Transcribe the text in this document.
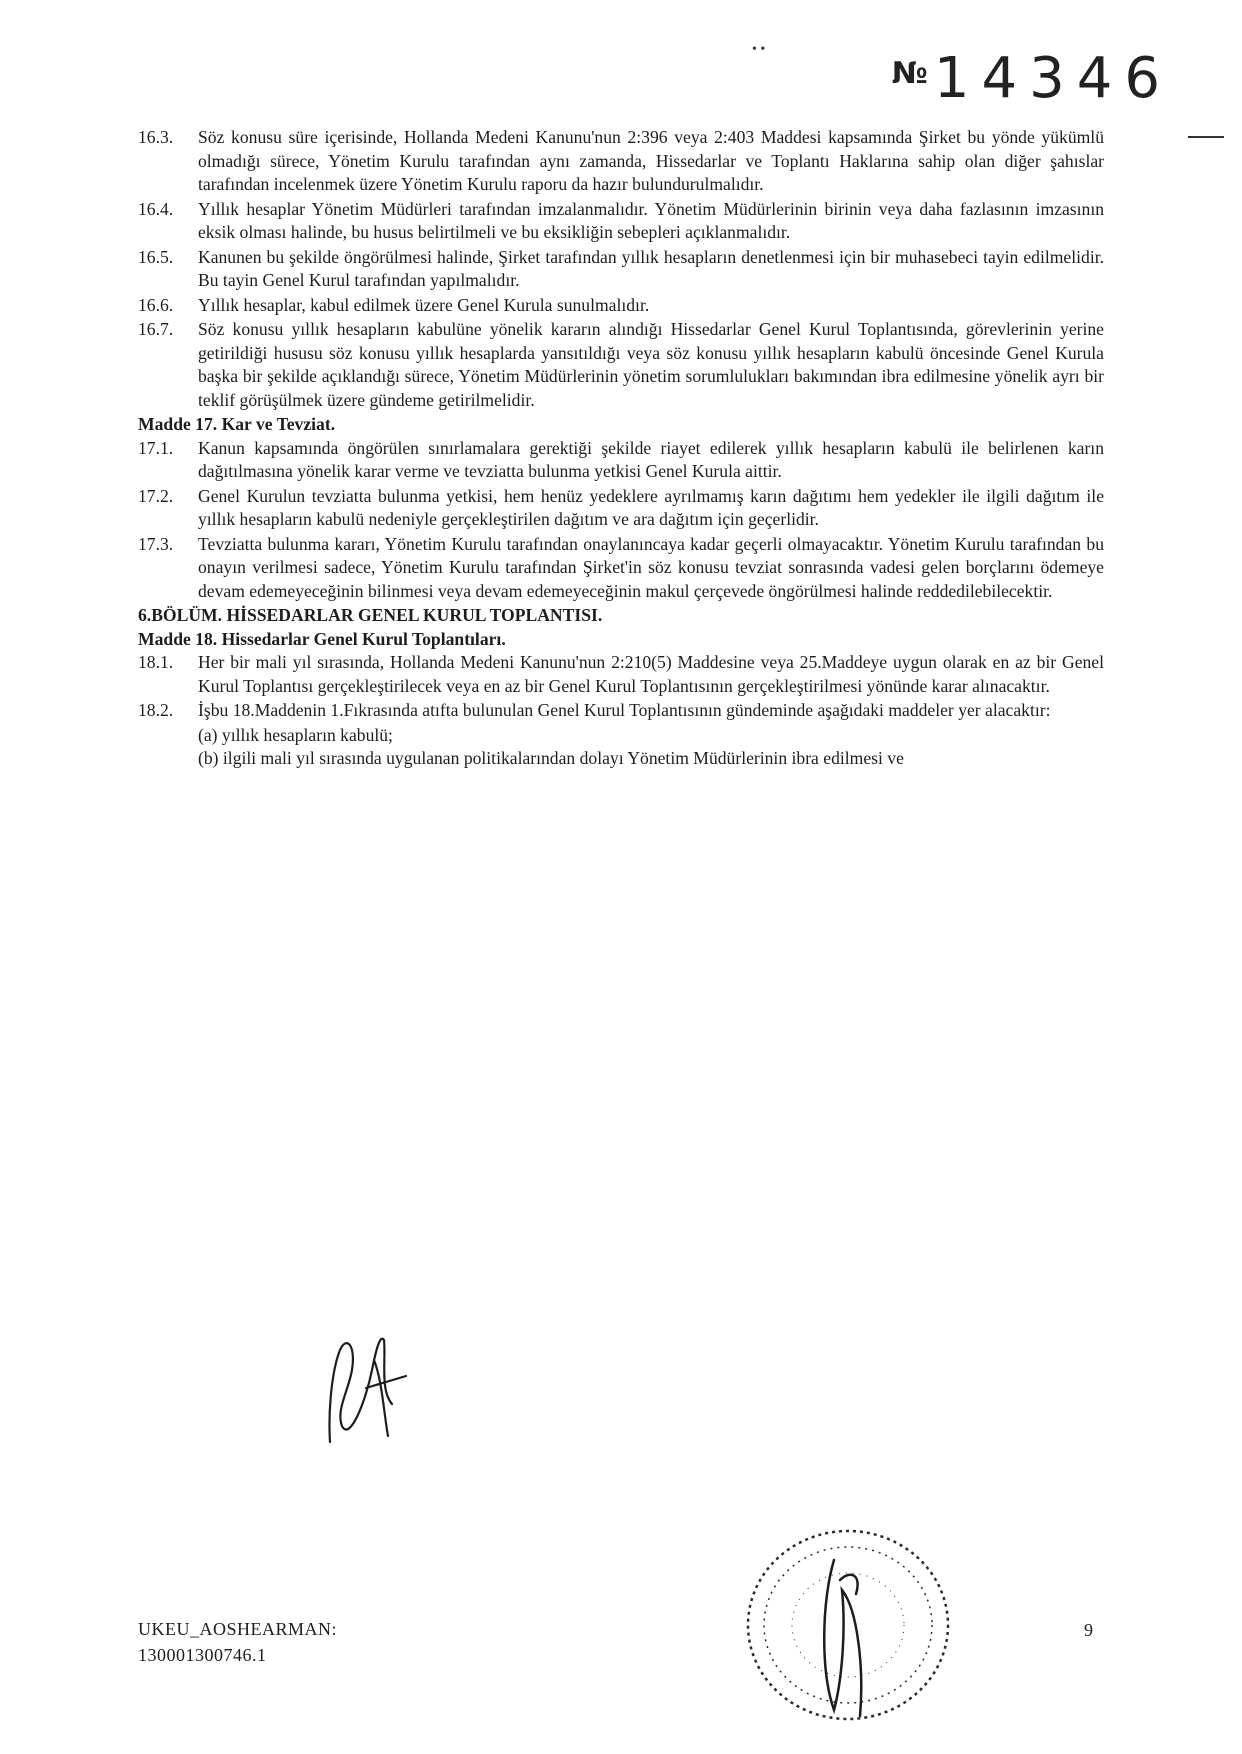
• •
№ 14346
16.3.	Söz konusu süre içerisinde, Hollanda Medeni Kanunu'nun 2:396 veya 2:403 Maddesi kapsamında Şirket bu yönde yükümlü olmadığı sürece, Yönetim Kurulu tarafından aynı zamanda, Hissedarlar ve Toplantı Haklarına sahip olan diğer şahıslar tarafından incelenmek üzere Yönetim Kurulu raporu da hazır bulundurulmalıdır.
16.4.	Yıllık hesaplar Yönetim Müdürleri tarafından imzalanmalıdır. Yönetim Müdürlerinin birinin veya daha fazlasının imzasının eksik olması halinde, bu husus belirtilmeli ve bu eksikliğin sebepleri açıklanmalıdır.
16.5.	Kanunen bu şekilde öngörülmesi halinde, Şirket tarafından yıllık hesapların denetlenmesi için bir muhasebeci tayin edilmelidir. Bu tayin Genel Kurul tarafından yapılmalıdır.
16.6.	Yıllık hesaplar, kabul edilmek üzere Genel Kurula sunulmalıdır.
16.7.	Söz konusu yıllık hesapların kabulüne yönelik kararın alındığı Hissedarlar Genel Kurul Toplantısında, görevlerinin yerine getirildiği hususu söz konusu yıllık hesaplarda yansıtıldığı veya söz konusu yıllık hesapların kabulü öncesinde Genel Kurula başka bir şekilde açıklandığı sürece, Yönetim Müdürlerinin yönetim sorumlulukları bakımından ibra edilmesine yönelik ayrı bir teklif görüşülmek üzere gündeme getirilmelidir.
Madde 17. Kar ve Tevziat.
17.1.	Kanun kapsamında öngörülen sınırlamalara gerektiği şekilde riayet edilerek yıllık hesapların kabulü ile belirlenen karın dağıtılmasına yönelik karar verme ve tevziatta bulunma yetkisi Genel Kurula aittir.
17.2.	Genel Kurulun tevziatta bulunma yetkisi, hem henüz yedeklere ayrılmamış karın dağıtımı hem yedekler ile ilgili dağıtım ile yıllık hesapların kabulü nedeniyle gerçekleştirilen dağıtım ve ara dağıtım için geçerlidir.
17.3.	Tevziatta bulunma kararı, Yönetim Kurulu tarafından onaylanıncaya kadar geçerli olmayacaktır. Yönetim Kurulu tarafından bu onayın verilmesi sadece, Yönetim Kurulu tarafından Şirket'in söz konusu tevziat sonrasında vadesi gelen borçlarını ödemeye devam edemeyeceğinin bilinmesi veya devam edemeyeceğinin makul çerçevede öngörülmesi halinde reddedilebilecektir.
6.BÖLÜM. HİSSEDARLAR GENEL KURUL TOPLANTISI.
Madde 18. Hissedarlar Genel Kurul Toplantıları.
18.1.	Her bir mali yıl sırasında, Hollanda Medeni Kanunu'nun 2:210(5) Maddesine veya 25.Maddeye uygun olarak en az bir Genel Kurul Toplantısı gerçekleştirilecek veya en az bir Genel Kurul Toplantısının gerçekleştirilmesi yönünde karar alınacaktır.
18.2.	İşbu 18.Maddenin 1.Fıkrasında atıfta bulunulan Genel Kurul Toplantısının gündeminde aşağıdaki maddeler yer alacaktır:
(a) yıllık hesapların kabulü;
(b) ilgili mali yıl sırasında uygulanan politikalarından dolayı Yönetim Müdürlerinin ibra edilmesi ve
UKEU_AOSHEARMAN:
130001300746.1
9
